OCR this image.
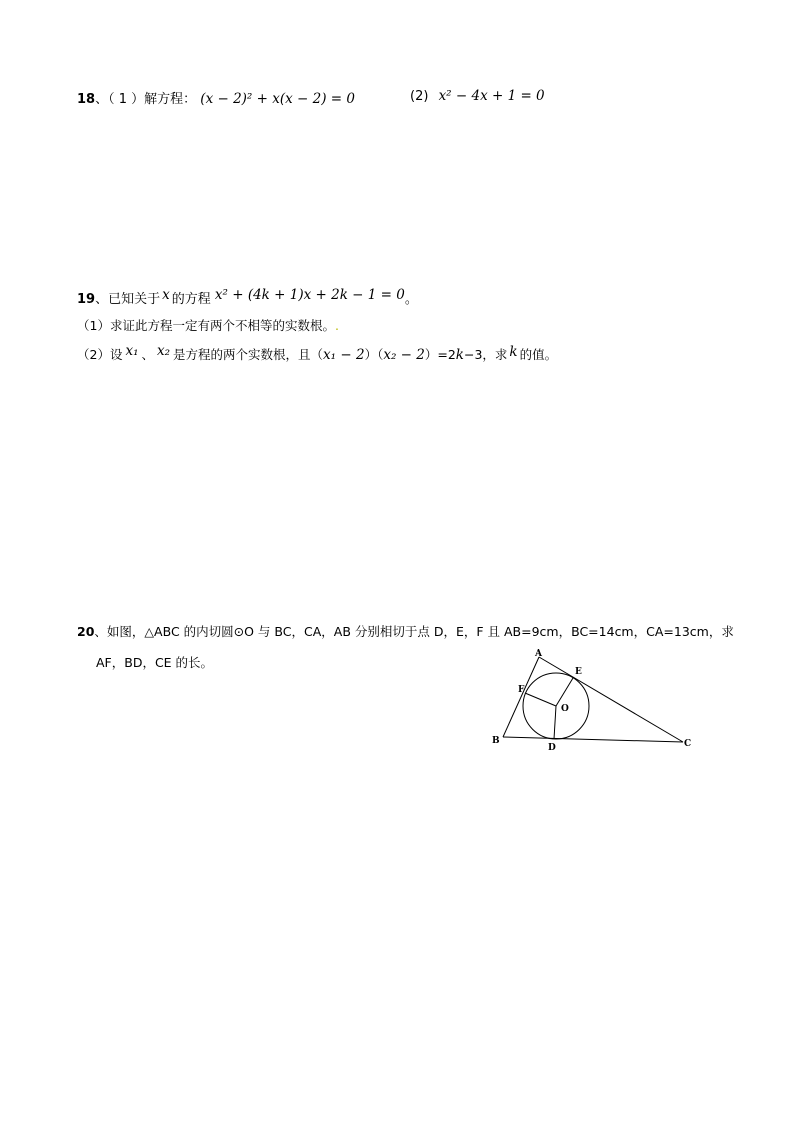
18、（ 1 ）解方程： (x − 2)² + x(x − 2) = 0	(2) x² − 4x + 1 = 0
19、已知关于 x 的方程 x² + (4k + 1)x + 2k − 1 = 0。
（1）求证此方程一定有两个不相等的实数根。.
（2）设 x₁ 、 x₂ 是方程的两个实数根，且（x₁ − 2）（x₂ − 2）=2k−3，求 k 的值。
20、如图，△ABC 的内切圆⊙O 与 BC，CA，AB 分别相切于点 D，E，F 且 AB=9cm，BC=14cm，CA=13cm，求
AF，BD，CE 的长。
A
B	C
D
E
F
O
